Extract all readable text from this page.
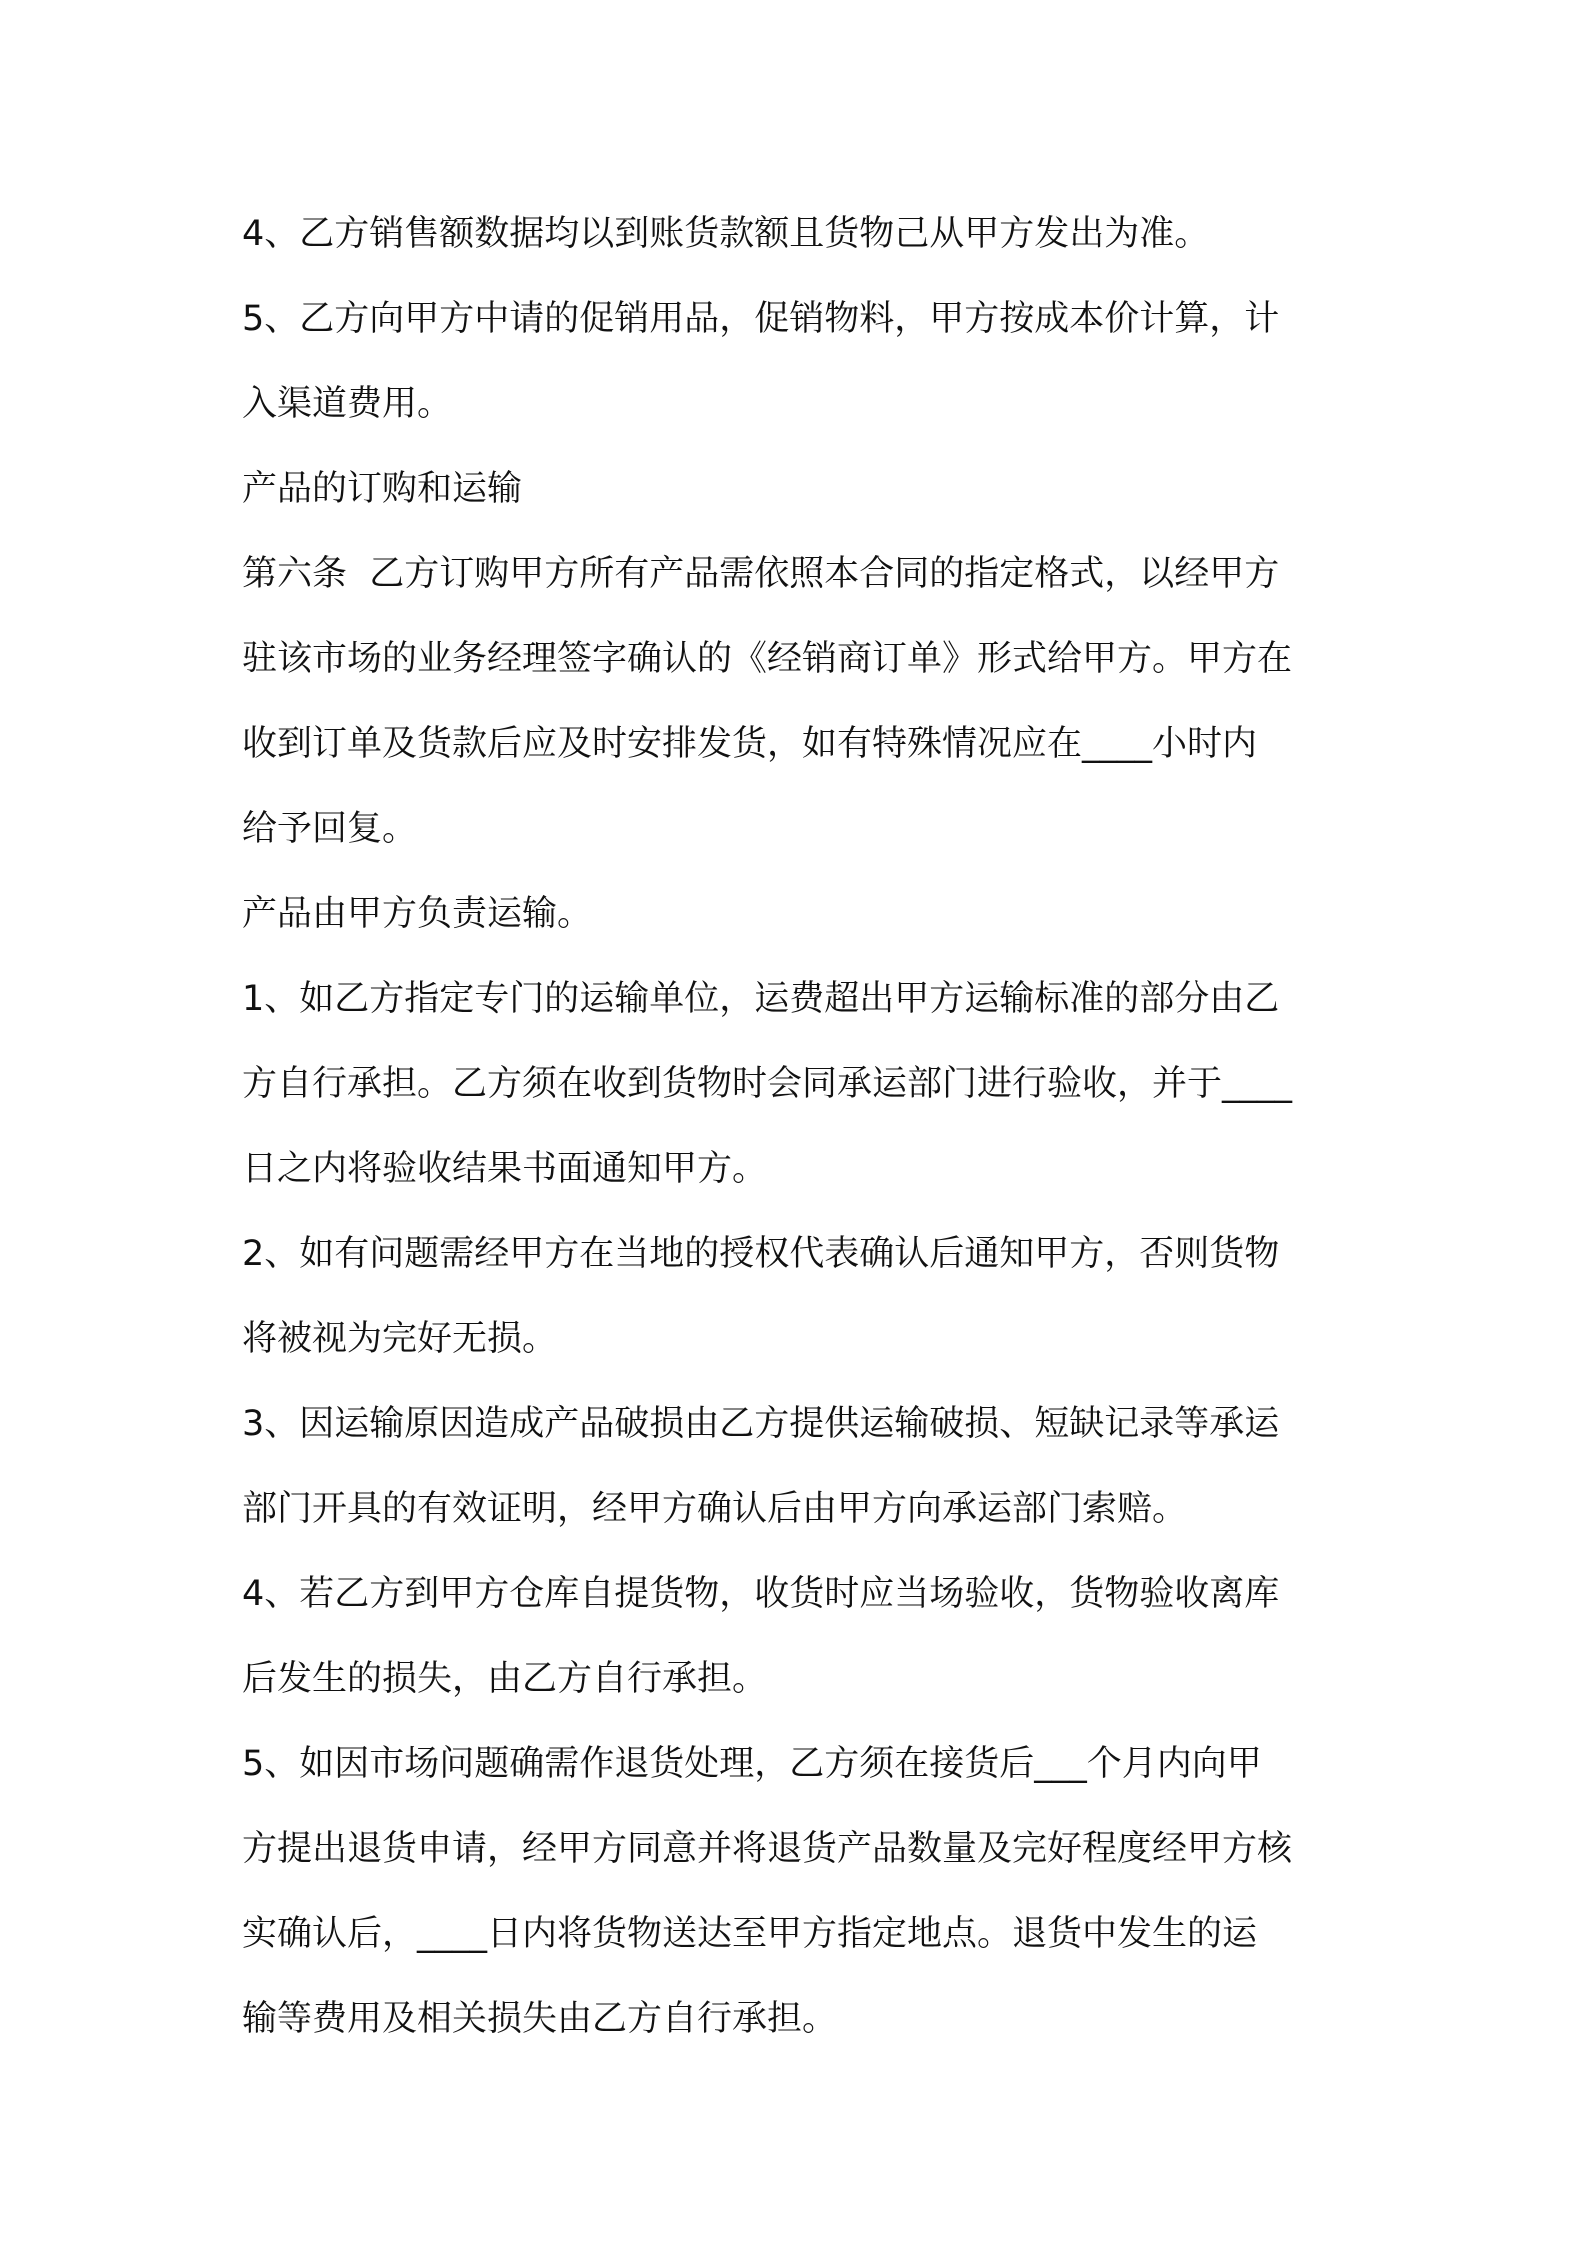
4、乙方销售额数据均以到账货款额且货物己从甲方发出为准。
5、乙方向甲方中请的促销用品，促销物料，甲方按成本价计算，计
入渠道费用。
产品的订购和运输
第六条  乙方订购甲方所有产品需依照本合同的指定格式，以经甲方
驻该市场的业务经理签字确认的《经销商订单》形式给甲方。甲方在
收到订单及货款后应及时安排发货，如有特殊情况应在____小时内
给予回复。
产品由甲方负责运输。
1、如乙方指定专门的运输单位，运费超出甲方运输标准的部分由乙
方自行承担。乙方须在收到货物时会同承运部门进行验收，并于____
日之内将验收结果书面通知甲方。
2、如有问题需经甲方在当地的授权代表确认后通知甲方，否则货物
将被视为完好无损。
3、因运输原因造成产品破损由乙方提供运输破损、短缺记录等承运
部门开具的有效证明，经甲方确认后由甲方向承运部门索赔。
4、若乙方到甲方仓库自提货物，收货时应当场验收，货物验收离库
后发生的损失，由乙方自行承担。
5、如因市场问题确需作退货处理，乙方须在接货后___个月内向甲
方提出退货申请，经甲方同意并将退货产品数量及完好程度经甲方核
实确认后，____日内将货物送达至甲方指定地点。退货中发生的运
输等费用及相关损失由乙方自行承担。
